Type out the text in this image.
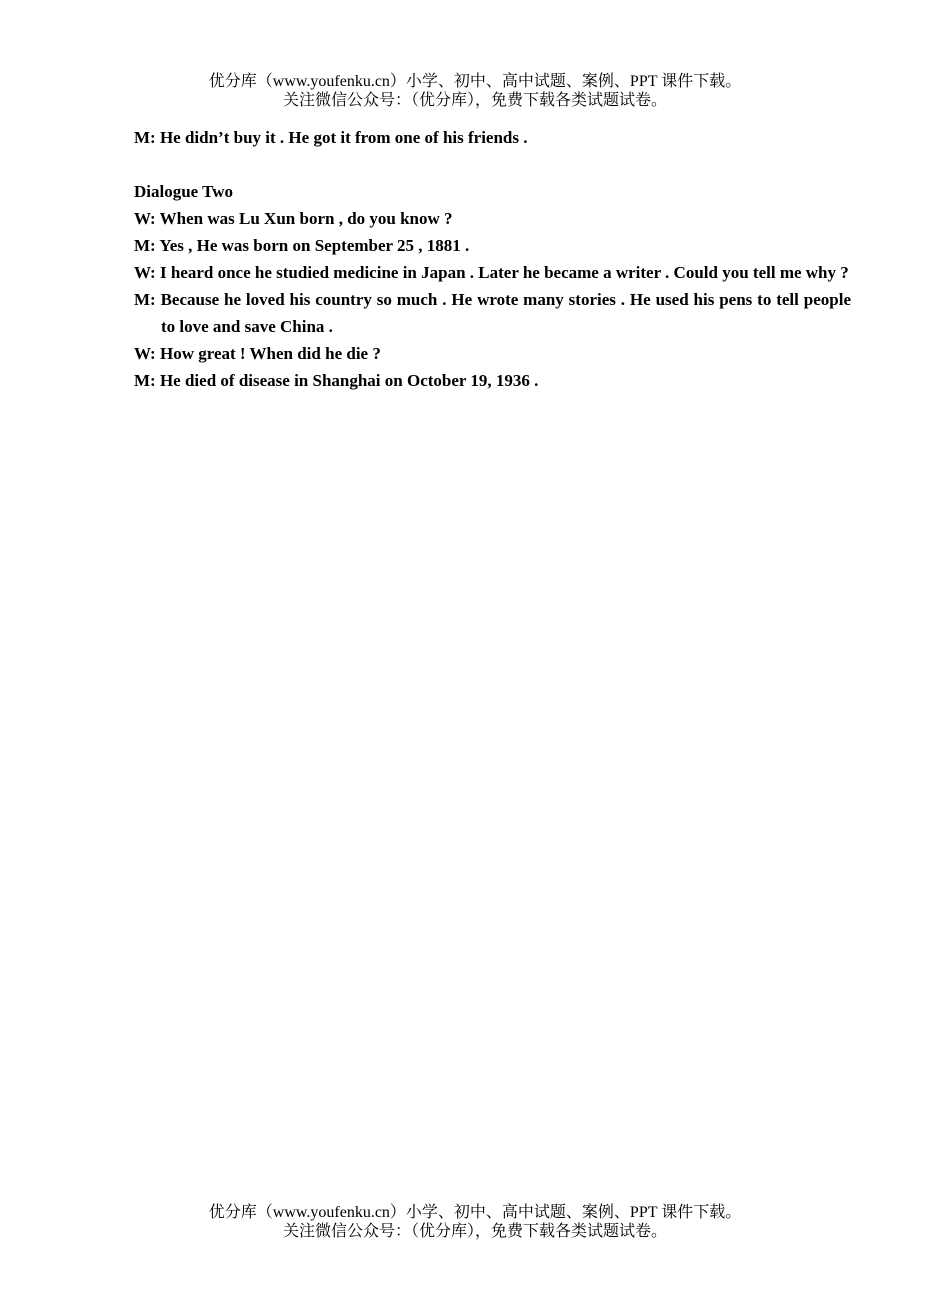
优分库（www.youfenku.cn）小学、初中、高中试题、案例、PPT 课件下载。
关注微信公众号：（优分库），免费下载各类试题试卷。
M: He didn’t buy it . He got it from one of his friends .
Dialogue Two
W: When was Lu Xun born , do you know ?
M: Yes , He was born on September 25 , 1881 .
W: I heard once he studied medicine in Japan . Later he became a writer . Could you tell me why ?
M: Because he loved his country so much . He wrote many stories . He used his pens to tell people to love and save China .
W: How great ! When did he die ?
M: He died of disease in Shanghai on October 19, 1936 .
优分库（www.youfenku.cn）小学、初中、高中试题、案例、PPT 课件下载。
关注微信公众号：（优分库），免费下载各类试题试卷。
